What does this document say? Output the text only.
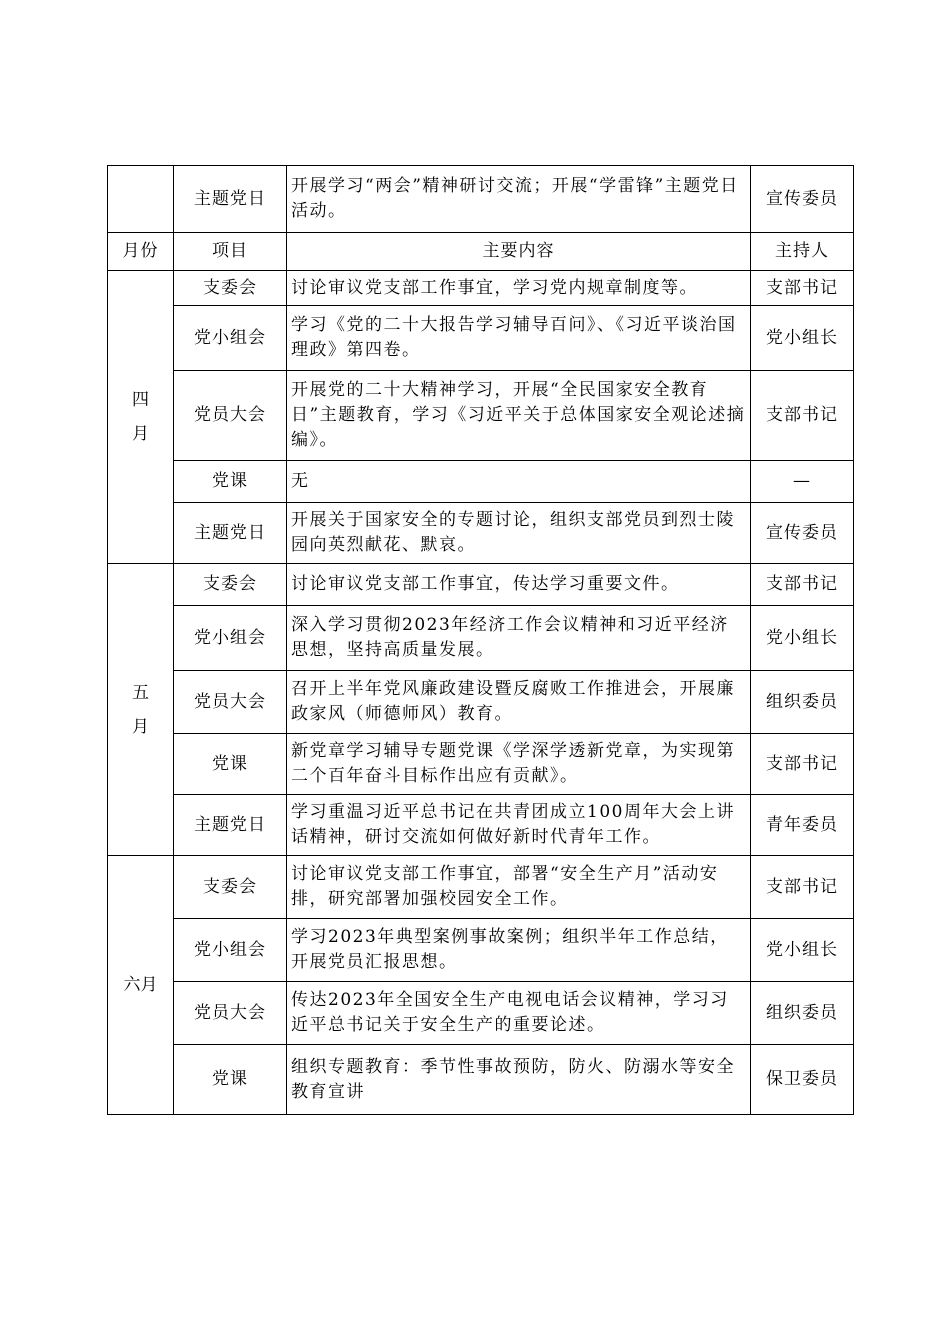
	主题党日	开展学习“两会”精神研讨交流；开展“学雷锋”主题党日活动。	宣传委员
月份	项目	主要内容	主持人
四月	支委会	讨论审议党支部工作事宜，学习党内规章制度等。	支部书记
	党小组会	学习《党的二十大报告学习辅导百问》、《习近平谈治国理政》第四卷。	党小组长
	党员大会	开展党的二十大精神学习，开展“全民国家安全教育日”主题教育，学习《习近平关于总体国家安全观论述摘编》。	支部书记
	党课	无	—
	主题党日	开展关于国家安全的专题讨论，组织支部党员到烈士陵园向英烈献花、默哀。	宣传委员
五月	支委会	讨论审议党支部工作事宜，传达学习重要文件。	支部书记
	党小组会	深入学习贯彻2023年经济工作会议精神和习近平经济思想，坚持高质量发展。	党小组长
	党员大会	召开上半年党风廉政建设暨反腐败工作推进会，开展廉政家风（师德师风）教育。	组织委员
	党课	新党章学习辅导专题党课《学深学透新党章，为实现第二个百年奋斗目标作出应有贡献》。	支部书记
	主题党日	学习重温习近平总书记在共青团成立100周年大会上讲话精神，研讨交流如何做好新时代青年工作。	青年委员
六月	支委会	讨论审议党支部工作事宜，部署“安全生产月”活动安排，研究部署加强校园安全工作。	支部书记
	党小组会	学习2023年典型案例事故案例；组织半年工作总结，开展党员汇报思想。	党小组长
	党员大会	传达2023年全国安全生产电视电话会议精神，学习习近平总书记关于安全生产的重要论述。	组织委员
	党课	组织专题教育：季节性事故预防，防火、防溺水等安全教育宣讲	保卫委员
